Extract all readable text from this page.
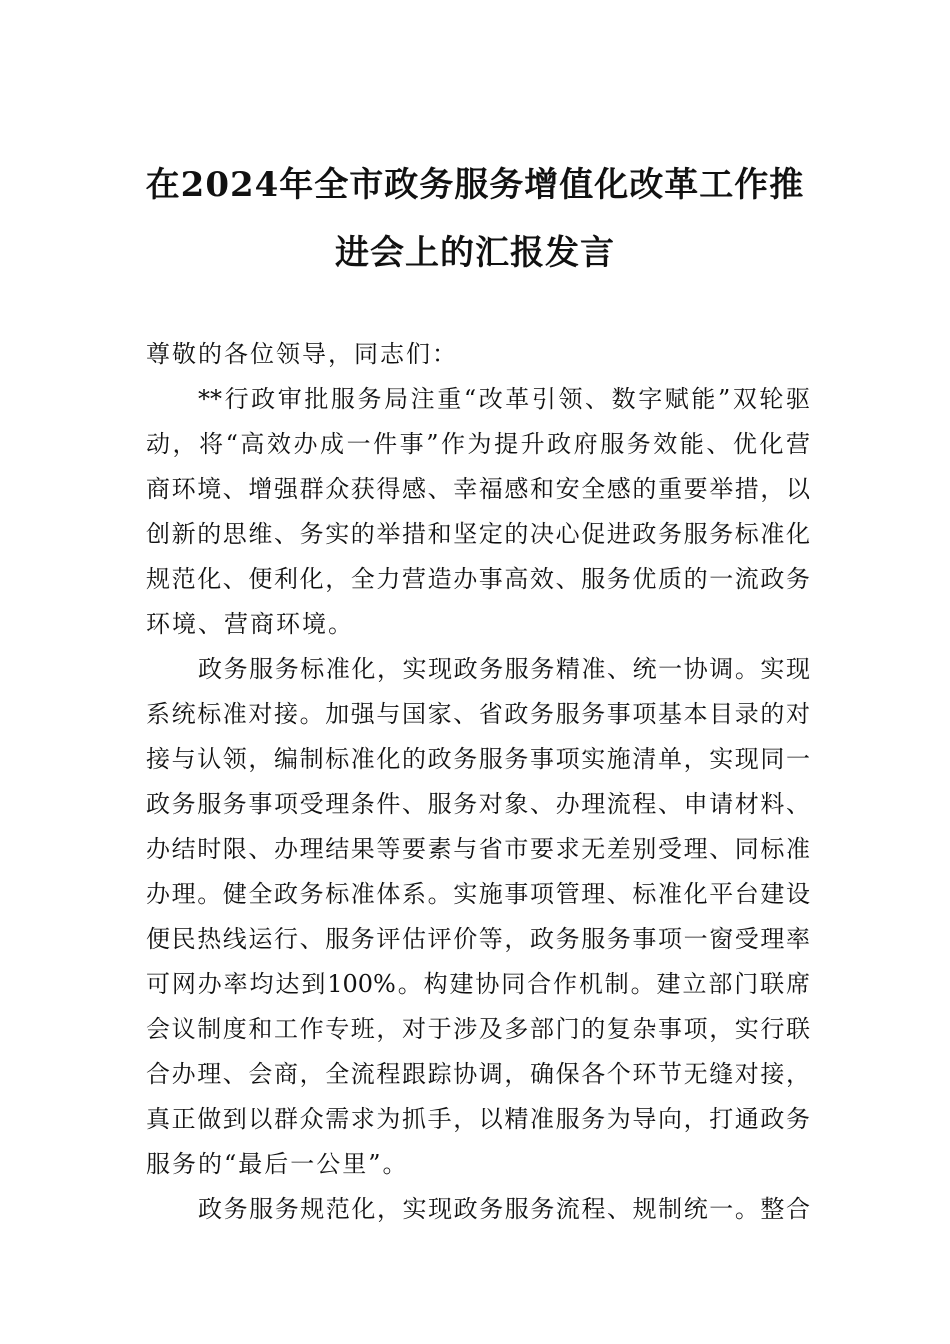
在2024年全市政务服务增值化改革工作推
进会上的汇报发言
尊敬的各位领导，同志们：
**行政审批服务局注重“改革引领、数字赋能”双轮驱
动，将“高效办成一件事”作为提升政府服务效能、优化营
商环境、增强群众获得感、幸福感和安全感的重要举措，以
创新的思维、务实的举措和坚定的决心促进政务服务标准化
规范化、便利化，全力营造办事高效、服务优质的一流政务
环境、营商环境。
政务服务标准化，实现政务服务精准、统一协调。实现
系统标准对接。加强与国家、省政务服务事项基本目录的对
接与认领，编制标准化的政务服务事项实施清单，实现同一
政务服务事项受理条件、服务对象、办理流程、申请材料、
办结时限、办理结果等要素与省市要求无差别受理、同标准
办理。健全政务标准体系。实施事项管理、标准化平台建设
便民热线运行、服务评估评价等，政务服务事项一窗受理率
可网办率均达到100%。构建协同合作机制。建立部门联席
会议制度和工作专班，对于涉及多部门的复杂事项，实行联
合办理、会商，全流程跟踪协调，确保各个环节无缝对接，
真正做到以群众需求为抓手，以精准服务为导向，打通政务
服务的“最后一公里”。
政务服务规范化，实现政务服务流程、规制统一。整合
